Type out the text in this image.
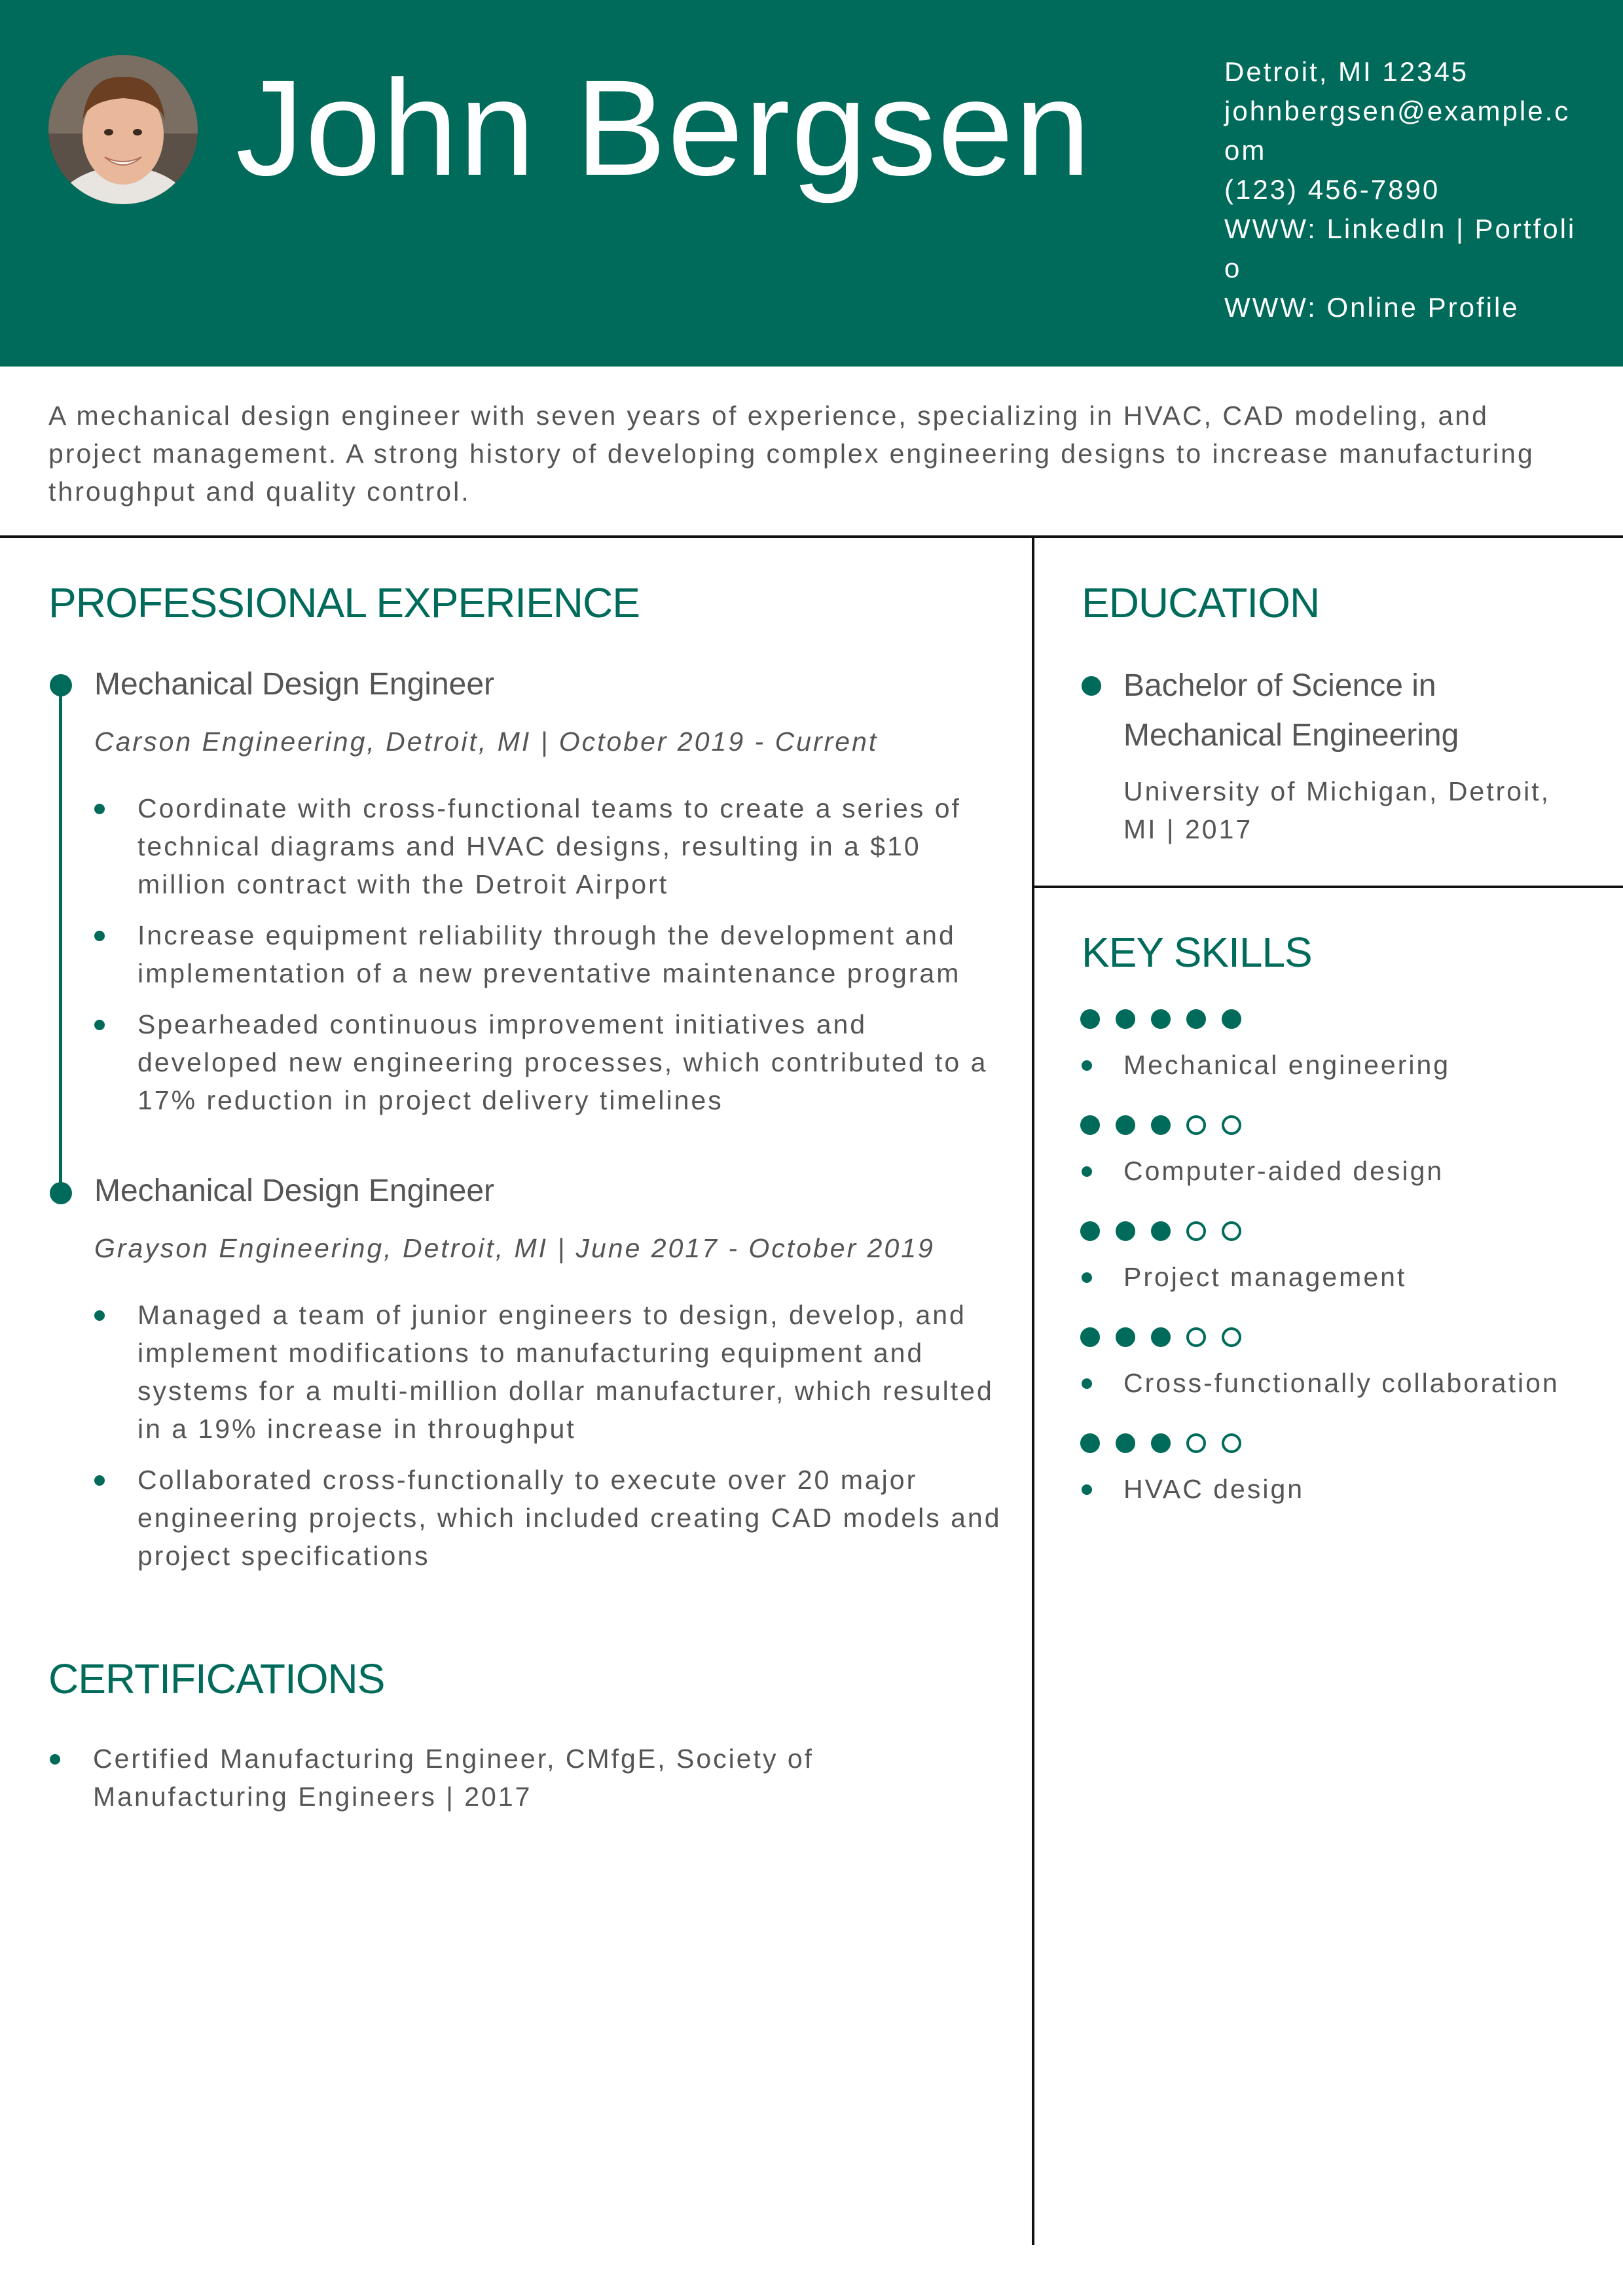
John Bergsen	Detroit, MI 12345
johnbergsen@example.com
(123) 456-7890
WWW: LinkedIn | Portfolio
WWW: Online Profile
A mechanical design engineer with seven years of experience, specializing in HVAC, CAD modeling, and project management. A strong history of developing complex engineering designs to increase manufacturing throughput and quality control.
PROFESSIONAL EXPERIENCE
Mechanical Design Engineer
Carson Engineering, Detroit, MI | October 2019 - Current
Coordinate with cross-functional teams to create a series of technical diagrams and HVAC designs, resulting in a $10 million contract with the Detroit Airport
Increase equipment reliability through the development and implementation of a new preventative maintenance program
Spearheaded continuous improvement initiatives and developed new engineering processes, which contributed to a 17% reduction in project delivery timelines
Mechanical Design Engineer
Grayson Engineering, Detroit, MI | June 2017 - October 2019
Managed a team of junior engineers to design, develop, and implement modifications to manufacturing equipment and systems for a multi-million dollar manufacturer, which resulted in a 19% increase in throughput
Collaborated cross-functionally to execute over 20 major engineering projects, which included creating CAD models and project specifications
CERTIFICATIONS
Certified Manufacturing Engineer, CMfgE, Society of Manufacturing Engineers | 2017
EDUCATION
Bachelor of Science in Mechanical Engineering
University of Michigan, Detroit, MI | 2017
KEY SKILLS
Mechanical engineering
Computer-aided design
Project management
Cross-functionally collaboration
HVAC design
